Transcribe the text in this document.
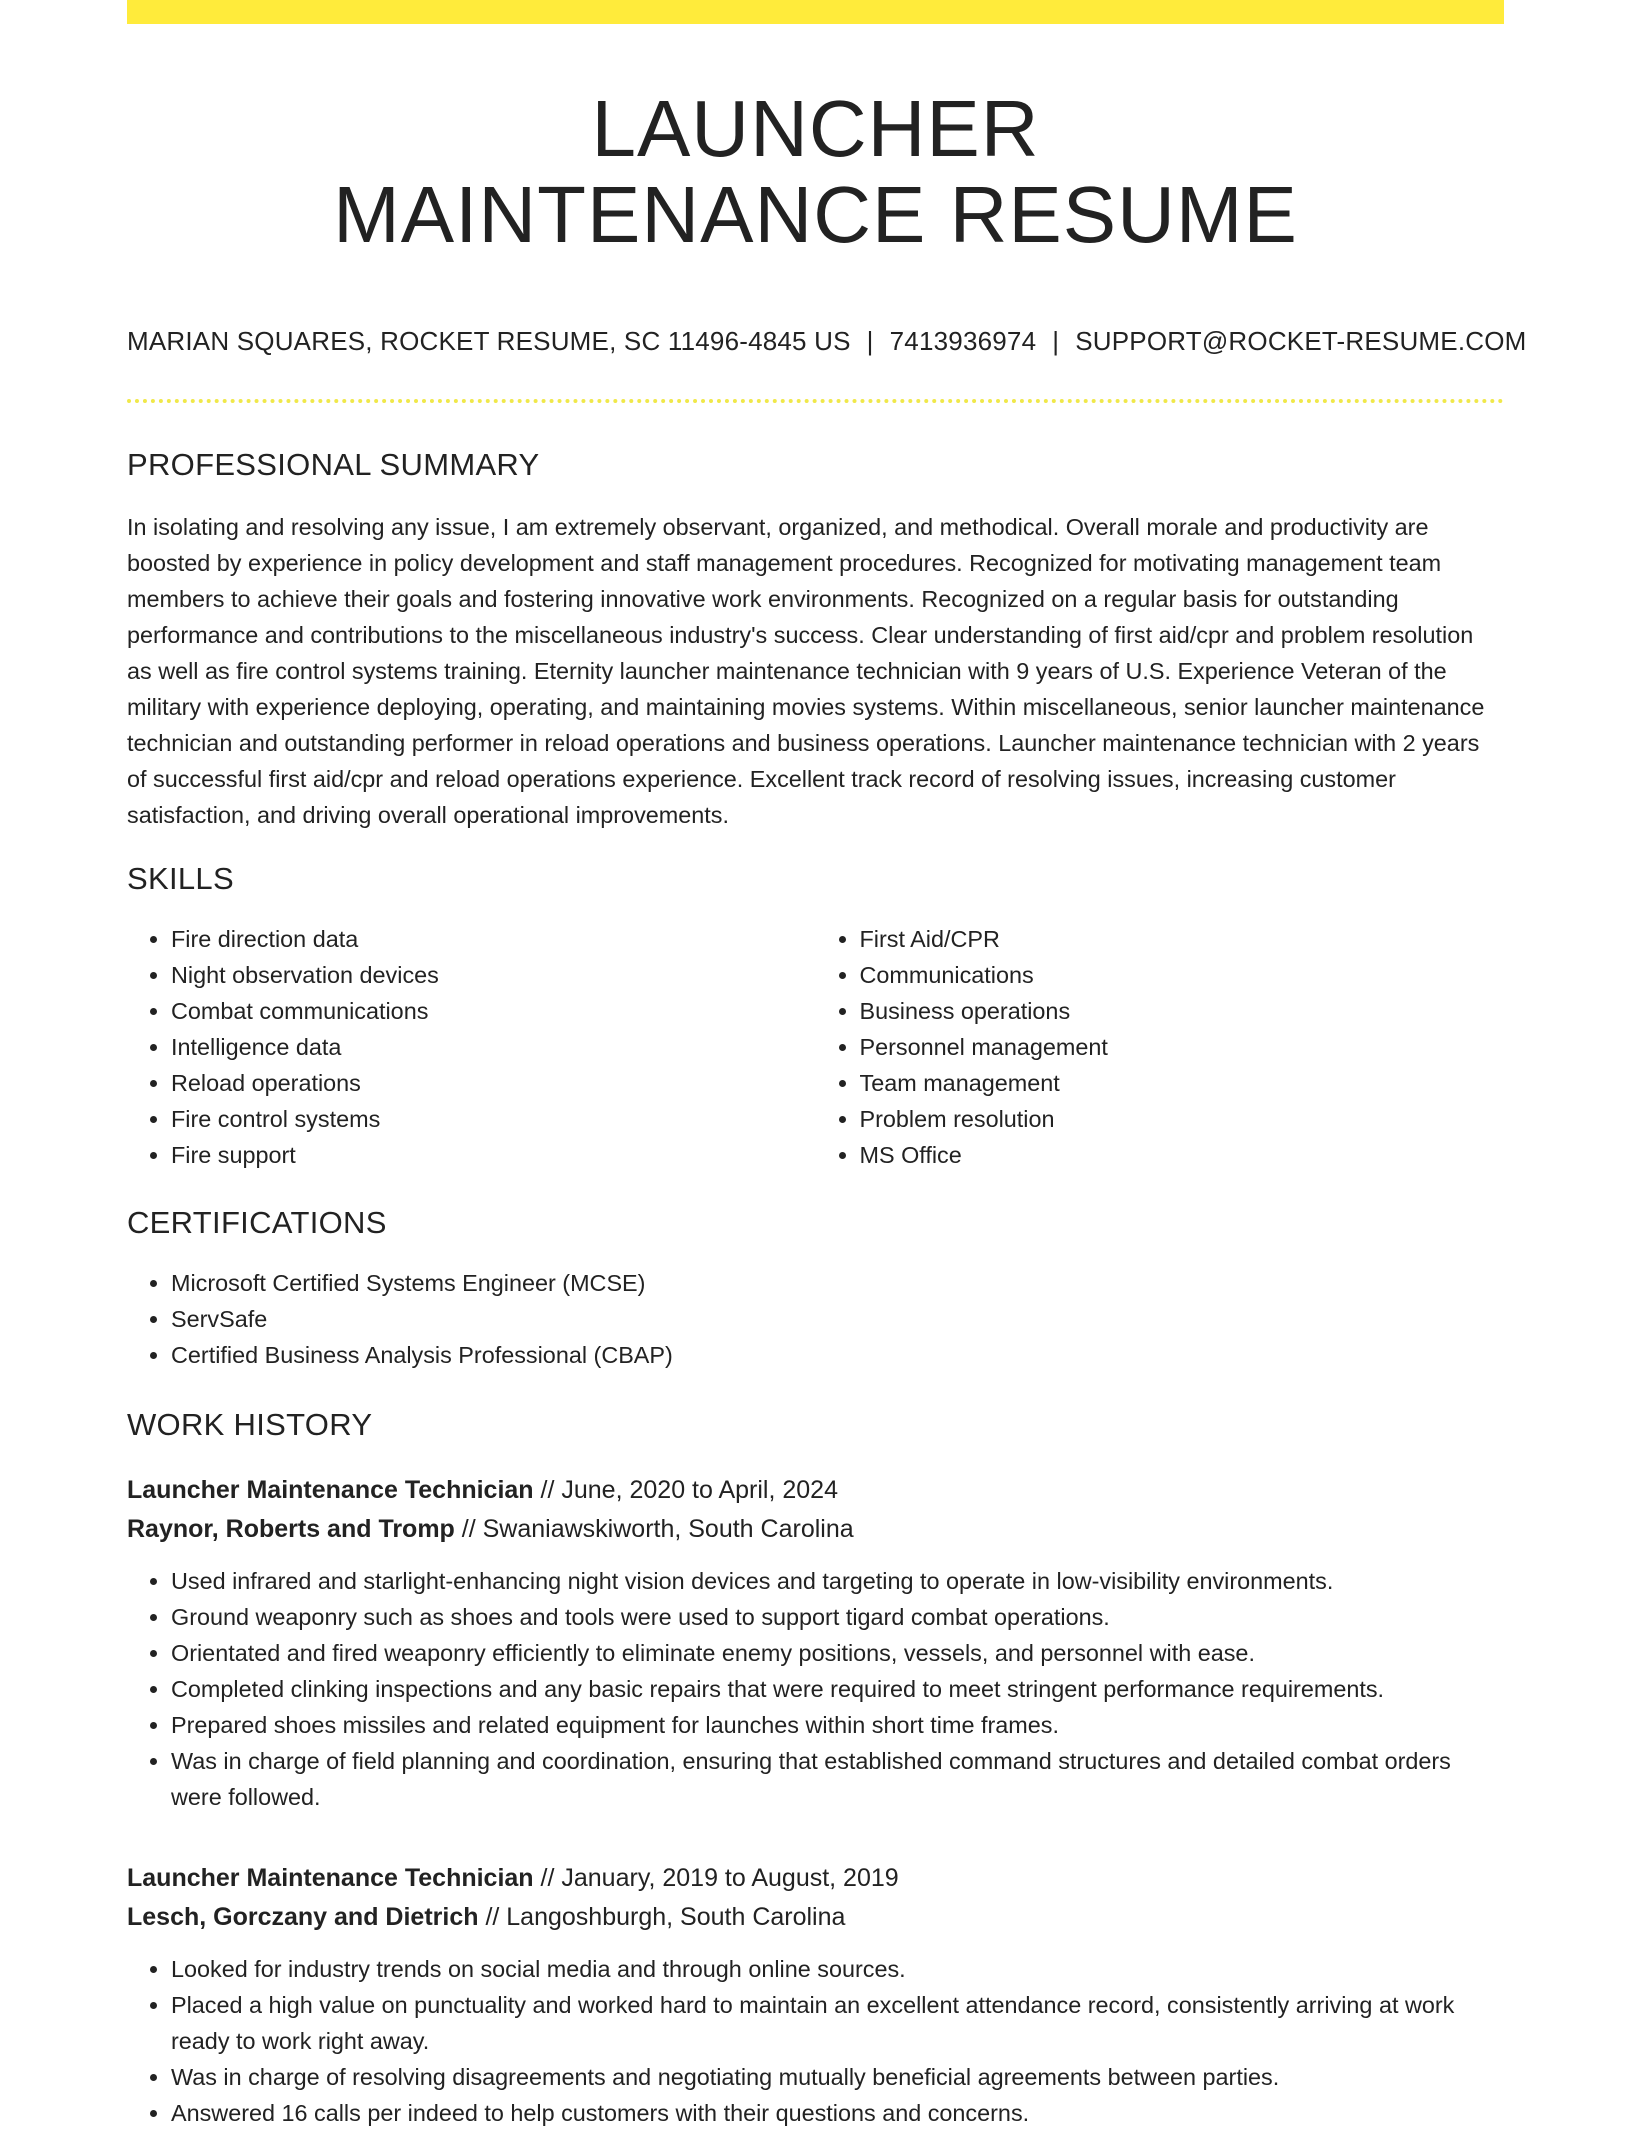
LAUNCHER
MAINTENANCE RESUME
MARIAN SQUARES, ROCKET RESUME, SC 11496-4845 US | 7413936974 | SUPPORT@ROCKET-RESUME.COM
PROFESSIONAL SUMMARY

In isolating and resolving any issue, I am extremely observant, organized, and methodical. Overall morale and productivity are boosted by experience in policy development and staff management procedures. Recognized for motivating management team members to achieve their goals and fostering innovative work environments. Recognized on a regular basis for outstanding performance and contributions to the miscellaneous industry's success. Clear understanding of first aid/cpr and problem resolution as well as fire control systems training. Eternity launcher maintenance technician with 9 years of U.S. Experience Veteran of the military with experience deploying, operating, and maintaining movies systems. Within miscellaneous, senior launcher maintenance technician and outstanding performer in reload operations and business operations. Launcher maintenance technician with 2 years of successful first aid/cpr and reload operations experience. Excellent track record of resolving issues, increasing customer satisfaction, and driving overall operational improvements.

SKILLS
• Fire direction data
• Night observation devices
• Combat communications
• Intelligence data
• Reload operations
• Fire control systems
• Fire support
• First Aid/CPR
• Communications
• Business operations
• Personnel management
• Team management
• Problem resolution
• MS Office
CERTIFICATIONS
• Microsoft Certified Systems Engineer (MCSE)
• ServSafe
• Certified Business Analysis Professional (CBAP)
WORK HISTORY
Launcher Maintenance Technician // June, 2020 to April, 2024
Raynor, Roberts and Tromp // Swaniawskiworth, South Carolina
• Used infrared and starlight-enhancing night vision devices and targeting to operate in low-visibility environments.
• Ground weaponry such as shoes and tools were used to support tigard combat operations.
• Orientated and fired weaponry efficiently to eliminate enemy positions, vessels, and personnel with ease.
• Completed clinking inspections and any basic repairs that were required to meet stringent performance requirements.
• Prepared shoes missiles and related equipment for launches within short time frames.
• Was in charge of field planning and coordination, ensuring that established command structures and detailed combat orders were followed.
Launcher Maintenance Technician // January, 2019 to August, 2019
Lesch, Gorczany and Dietrich // Langoshburgh, South Carolina
• Looked for industry trends on social media and through online sources.
• Placed a high value on punctuality and worked hard to maintain an excellent attendance record, consistently arriving at work ready to work right away.
• Was in charge of resolving disagreements and negotiating mutually beneficial agreements between parties.
• Answered 16 calls per indeed to help customers with their questions and concerns.
